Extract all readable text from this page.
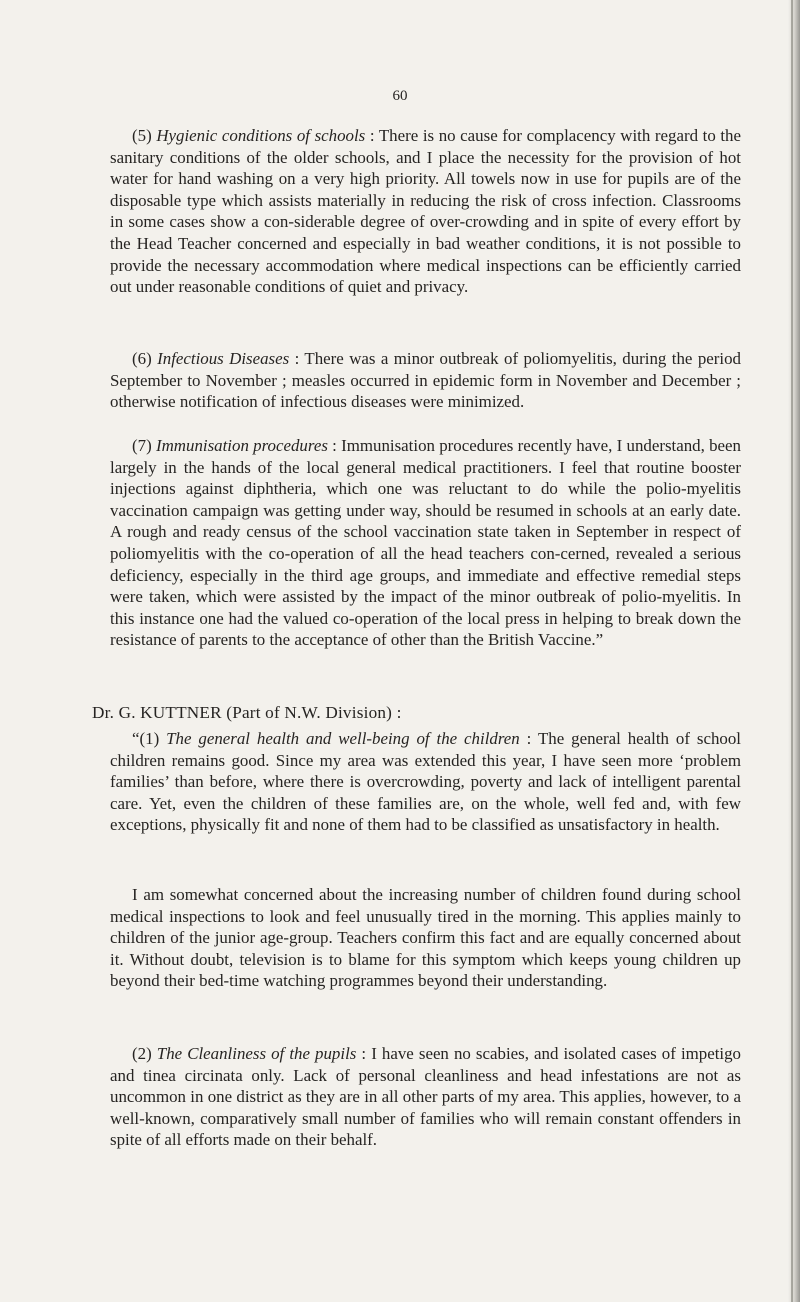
60

(5) Hygienic conditions of schools : There is no cause for complacency with regard to the sanitary conditions of the older schools, and I place the necessity for the provision of hot water for hand washing on a very high priority. All towels now in use for pupils are of the disposable type which assists materially in reducing the risk of cross infection. Classrooms in some cases show a con-siderable degree of over-crowding and in spite of every effort by the Head Teacher concerned and especially in bad weather conditions, it is not possible to provide the necessary accommodation where medical inspections can be efficiently carried out under reasonable conditions of quiet and privacy.

(6) Infectious Diseases : There was a minor outbreak of poliomyelitis, during the period September to November ; measles occurred in epidemic form in November and December ; otherwise notification of infectious diseases were minimized.

(7) Immunisation procedures : Immunisation procedures recently have, I understand, been largely in the hands of the local general medical practitioners. I feel that routine booster injections against diphtheria, which one was reluctant to do while the polio-myelitis vaccination campaign was getting under way, should be resumed in schools at an early date. A rough and ready census of the school vaccination state taken in September in respect of poliomyelitis with the co-operation of all the head teachers con-cerned, revealed a serious deficiency, especially in the third age groups, and immediate and effective remedial steps were taken, which were assisted by the impact of the minor outbreak of polio-myelitis. In this instance one had the valued co-operation of the local press in helping to break down the resistance of parents to the acceptance of other than the British Vaccine.”

Dr. G. KUTTNER (Part of N.W. Division) :

“(1) The general health and well-being of the children : The general health of school children remains good. Since my area was extended this year, I have seen more ‘problem families’ than before, where there is overcrowding, poverty and lack of intelligent parental care. Yet, even the children of these families are, on the whole, well fed and, with few exceptions, physically fit and none of them had to be classified as unsatisfactory in health.

I am somewhat concerned about the increasing number of children found during school medical inspections to look and feel unusually tired in the morning. This applies mainly to children of the junior age-group. Teachers confirm this fact and are equally concerned about it. Without doubt, television is to blame for this symptom which keeps young children up beyond their bed-time watching programmes beyond their understanding.

(2) The Cleanliness of the pupils : I have seen no scabies, and isolated cases of impetigo and tinea circinata only. Lack of personal cleanliness and head infestations are not as uncommon in one district as they are in all other parts of my area. This applies, however, to a well-known, comparatively small number of families who will remain constant offenders in spite of all efforts made on their behalf.
